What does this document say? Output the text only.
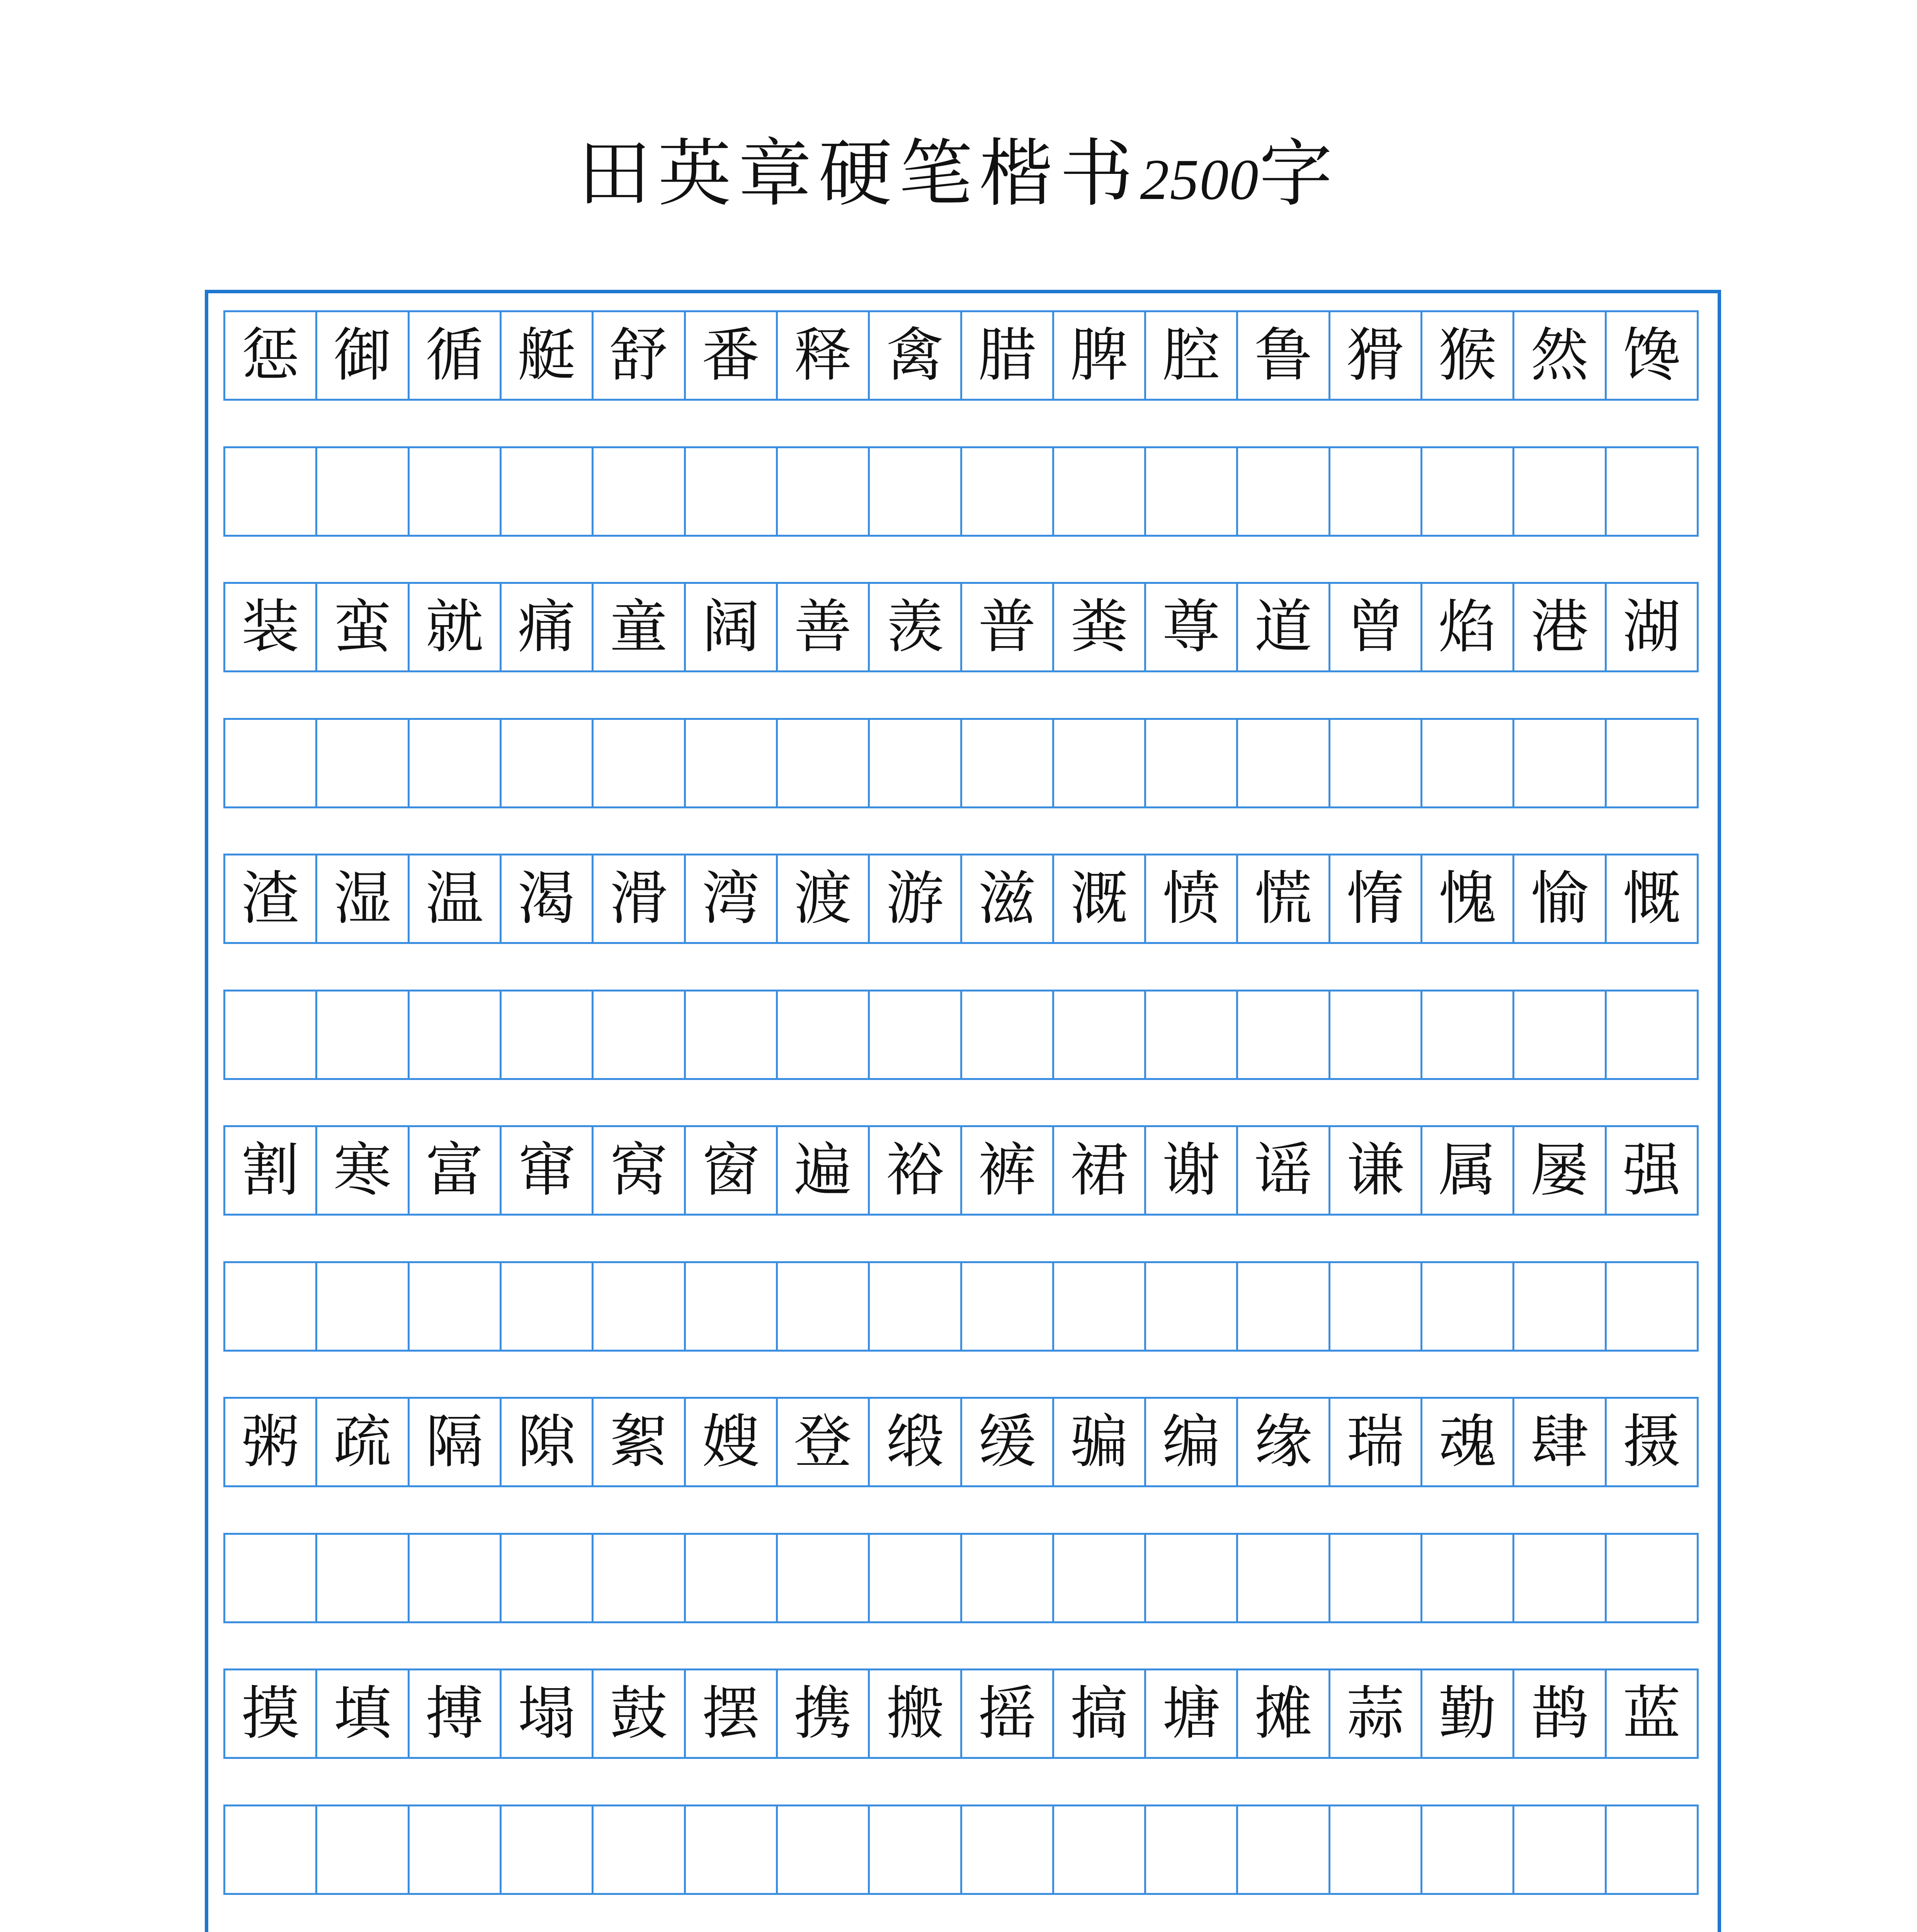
田英章硬笔楷书2500字
惩 御 循 艇 舒 番 释 禽 腊 脾 腔 鲁 猾 猴 然 馋
装 蛮 就 痛 童 阔 善 羡 普 粪 尊 道 曾 焰 港 湖
渣 湿 温 渴 滑 湾 渡 游 滋 溉 愤 慌 惰 愧 愉 慨
割 寒 富 窜 窝 窗 遍 裕 裤 裙 谢 谣 谦 属 屡 强
粥 疏 隔 隙 絮 嫂 登 缎 缓 骗 编 缘 瑞 魂 肆 摄
摸 填 搏 塌 鼓 摆 携 搬 摇 搞 塘 摊 蒜 勤 鹊 蓝
